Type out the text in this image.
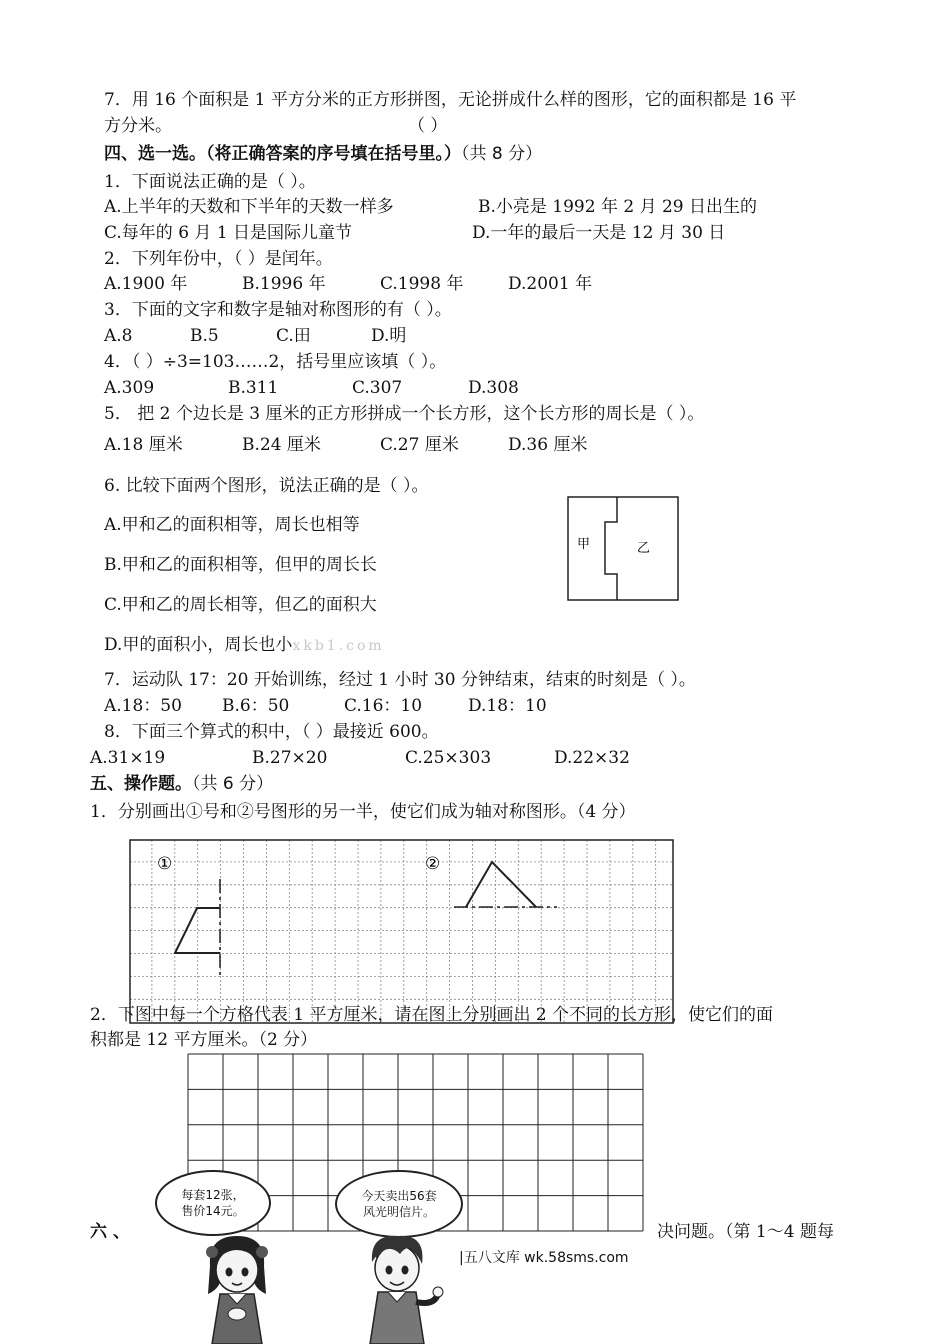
7．用 16 个面积是 1 平方分米的正方形拼图，无论拼成什么样的图形，它的面积都是 16 平
方分米。	（ ）
四、选一选。（将正确答案的序号填在括号里。）（共 8 分）
1．下面说法正确的是（ ）。
A.上半年的天数和下半年的天数一样多	B.小亮是 1992 年 2 月 29 日出生的
C.每年的 6 月 1 日是国际儿童节	D.一年的最后一天是 12 月 30 日
2．下列年份中，（ ）是闰年。
A.1900 年	B.1996 年	C.1998 年	D.2001 年
3．下面的文字和数字是轴对称图形的有（ ）。
A.8	B.5	C.田	D.明
4．（ ）÷3=103……2，括号里应该填（ ）。
A.309	B.311	C.307	D.308
5． 把 2 个边长是 3 厘米的正方形拼成一个长方形，这个长方形的周长是（ ）。
A.18 厘米	B.24 厘米	C.27 厘米	D.36 厘米
6. 比较下面两个图形，说法正确的是（ ）。
A.甲和乙的面积相等，周长也相等
B.甲和乙的面积相等，但甲的周长长
C.甲和乙的周长相等，但乙的面积大
D.甲的面积小，周长也小xkb1.com
甲	乙
7．运动队 17：20 开始训练，经过 1 小时 30 分钟结束，结束的时刻是（ ）。
A.18：50 B.6：50	C.16：10	D.18：10
8．下面三个算式的积中，（ ）最接近 600。
A.31×19	B.27×20	C.25×303	D.22×32
五、操作题。（共 6 分）
1．分别画出①号和②号图形的另一半，使它们成为轴对称图形。（4 分）
①	②
2．下图中每一个方格代表 1 平方厘米，请在图上分别画出 2 个不同的长方形，使它们的面
积都是 12 平方厘米。（2 分）
六 、	决问题。（第 1～4 题每
每套12张，
售价14元。
今天卖出56套
风光明信片。
|五八文库 wk.58sms.com
